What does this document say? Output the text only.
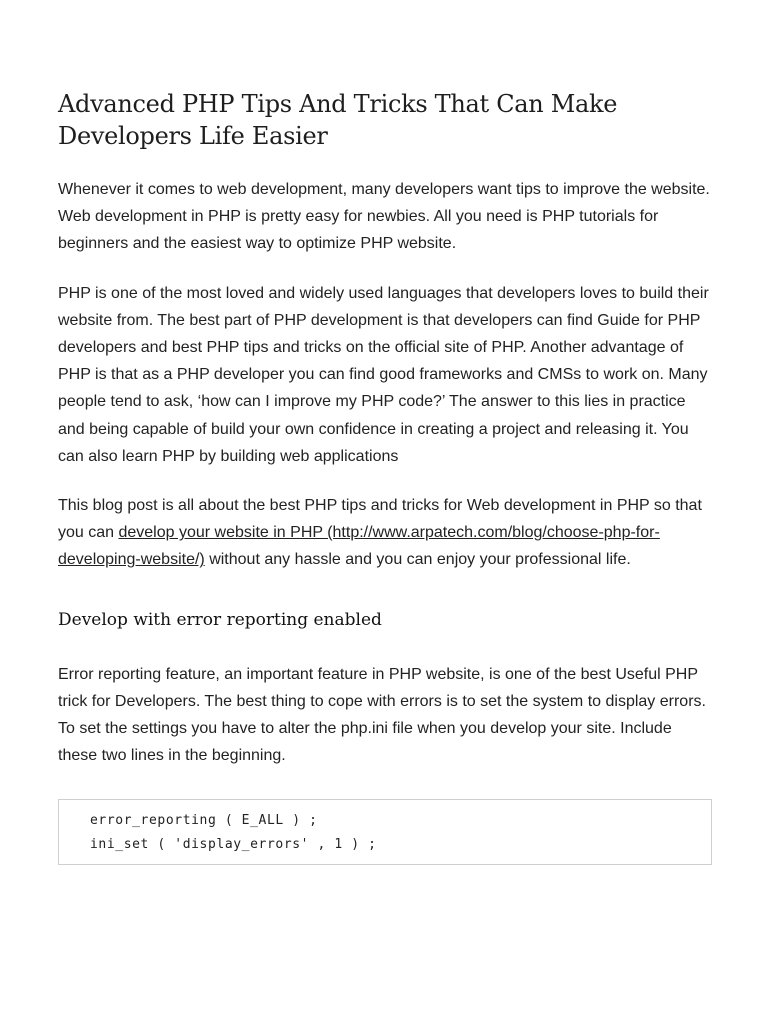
Advanced PHP Tips And Tricks That Can Make
Developers Life Easier

Whenever it comes to web development, many developers want tips to improve the website. Web development in PHP is pretty easy for newbies. All you need is PHP tutorials for beginners and the easiest way to optimize PHP website.

PHP is one of the most loved and widely used languages that developers loves to build their website from. The best part of PHP development is that developers can find Guide for PHP developers and best PHP tips and tricks on the official site of PHP. Another advantage of PHP is that as a PHP developer you can find good frameworks and CMSs to work on. Many people tend to ask, ‘how can I improve my PHP code?’ The answer to this lies in practice and being capable of build your own confidence in creating a project and releasing it. You can also learn PHP by building web applications

This blog post is all about the best PHP tips and tricks for Web development in PHP so that you can develop your website in PHP (http://www.arpatech.com/blog/choose-php-for-developing-website/) without any hassle and you can enjoy your professional life.

Develop with error reporting enabled

Error reporting feature, an important feature in PHP website, is one of the best Useful PHP trick for Developers. The best thing to cope with errors is to set the system to display errors. To set the settings you have to alter the php.ini file when you develop your site. Include these two lines in the beginning.

error_reporting ( E_ALL ) ;
ini_set ( 'display_errors' , 1 ) ;
